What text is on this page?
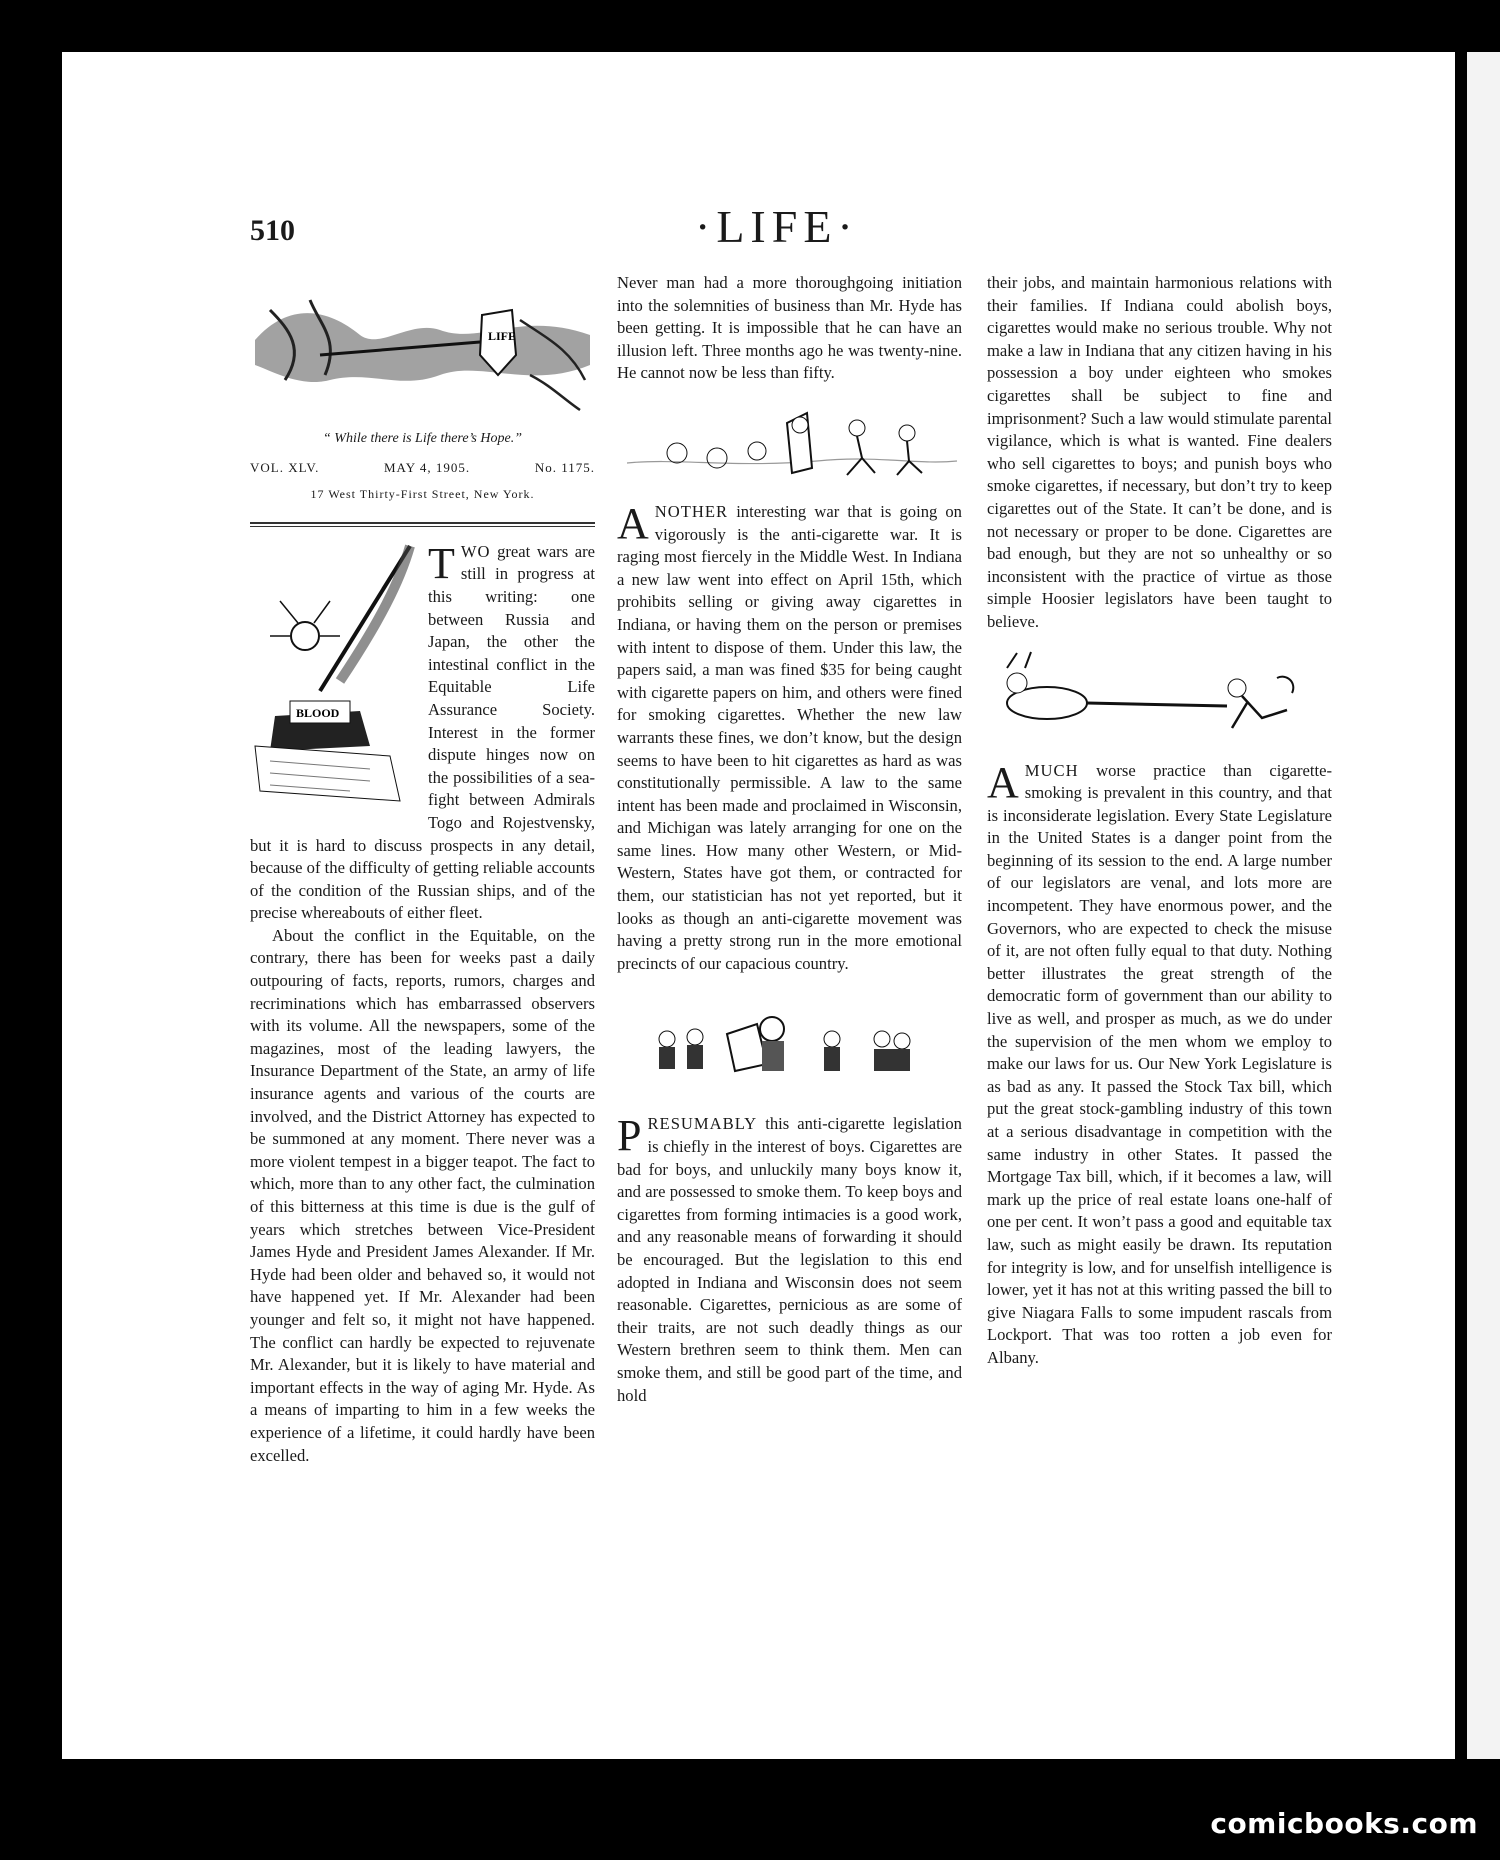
510	·LIFE·
LIFE
“ While there is Life there’s Hope.”
VOL. XLV.	MAY 4, 1905.	No. 1175.
17 West Thirty-First Street, New York.
BLOOD

TWO great wars are still in progress at this writing: one between Russia and Japan, the other the intestinal conflict in the Equitable Life Assurance Society. Interest in the former dispute hinges now on the possibilities of a sea-fight between Admirals Togo and Rojestvensky, but it is hard to discuss prospects in any detail, because of the difficulty of getting reliable accounts of the condition of the Russian ships, and of the precise whereabouts of either fleet.

About the conflict in the Equitable, on the contrary, there has been for weeks past a daily outpouring of facts, reports, rumors, charges and recriminations which has embarrassed observers with its volume. All the newspapers, some of the magazines, most of the leading lawyers, the Insurance Department of the State, an army of life insurance agents and various of the courts are involved, and the District Attorney has expected to be summoned at any moment. There never was a more violent tempest in a bigger teapot. The fact to which, more than to any other fact, the culmination of this bitterness at this time is due is the gulf of years which stretches between Vice-President James Hyde and President James Alexander. If Mr. Hyde had been older and behaved so, it would not have happened yet. If Mr. Alexander had been younger and felt so, it might not have happened. The conflict can hardly be expected to rejuvenate Mr. Alexander, but it is likely to have material and important effects in the way of aging Mr. Hyde. As a means of imparting to him in a few weeks the experience of a lifetime, it could hardly have been excelled.

Never man had a more thoroughgoing initiation into the solemnities of business than Mr. Hyde has been getting. It is impossible that he can have an illusion left. Three months ago he was twenty-nine. He cannot now be less than fifty.

ANOTHER interesting war that is going on vigorously is the anti-cigarette war. It is raging most fiercely in the Middle West. In Indiana a new law went into effect on April 15th, which prohibits selling or giving away cigarettes in Indiana, or having them on the person or premises with intent to dispose of them. Under this law, the papers said, a man was fined $35 for being caught with cigarette papers on him, and others were fined for smoking cigarettes. Whether the new law warrants these fines, we don’t know, but the design seems to have been to hit cigarettes as hard as was constitutionally permissible. A law to the same intent has been made and proclaimed in Wisconsin, and Michigan was lately arranging for one on the same lines. How many other Western, or Mid-Western, States have got them, or contracted for them, our statistician has not yet reported, but it looks as though an anti-cigarette movement was having a pretty strong run in the more emotional precincts of our capacious country.

PRESUMABLY this anti-cigarette legislation is chiefly in the interest of boys. Cigarettes are bad for boys, and unluckily many boys know it, and are possessed to smoke them. To keep boys and cigarettes from forming intimacies is a good work, and any reasonable means of forwarding it should be encouraged. But the legislation to this end adopted in Indiana and Wisconsin does not seem reasonable. Cigarettes, pernicious as are some of their traits, are not such deadly things as our Western brethren seem to think them. Men can smoke them, and still be good part of the time, and hold

their jobs, and maintain harmonious relations with their families. If Indiana could abolish boys, cigarettes would make no serious trouble. Why not make a law in Indiana that any citizen having in his possession a boy under eighteen who smokes cigarettes shall be subject to fine and imprisonment? Such a law would stimulate parental vigilance, which is what is wanted. Fine dealers who sell cigarettes to boys; and punish boys who smoke cigarettes, if necessary, but don’t try to keep cigarettes out of the State. It can’t be done, and is not necessary or proper to be done. Cigarettes are bad enough, but they are not so unhealthy or so inconsistent with the practice of virtue as those simple Hoosier legislators have been taught to believe.

AMUCH worse practice than cigarette-smoking is prevalent in this country, and that is inconsiderate legislation. Every State Legislature in the United States is a danger point from the beginning of its session to the end. A large number of our legislators are venal, and lots more are incompetent. They have enormous power, and the Governors, who are expected to check the misuse of it, are not often fully equal to that duty. Nothing better illustrates the great strength of the democratic form of government than our ability to live as well, and prosper as much, as we do under the supervision of the men whom we employ to make our laws for us. Our New York Legislature is as bad as any. It passed the Stock Tax bill, which put the great stock-gambling industry of this town at a serious disadvantage in competition with the same industry in other States. It passed the Mortgage Tax bill, which, if it becomes a law, will mark up the price of real estate loans one-half of one per cent. It won’t pass a good and equitable tax law, such as might easily be drawn. Its reputation for integrity is low, and for unselfish intelligence is lower, yet it has not at this writing passed the bill to give Niagara Falls to some impudent rascals from Lockport. That was too rotten a job even for Albany.

comicbooks.com
